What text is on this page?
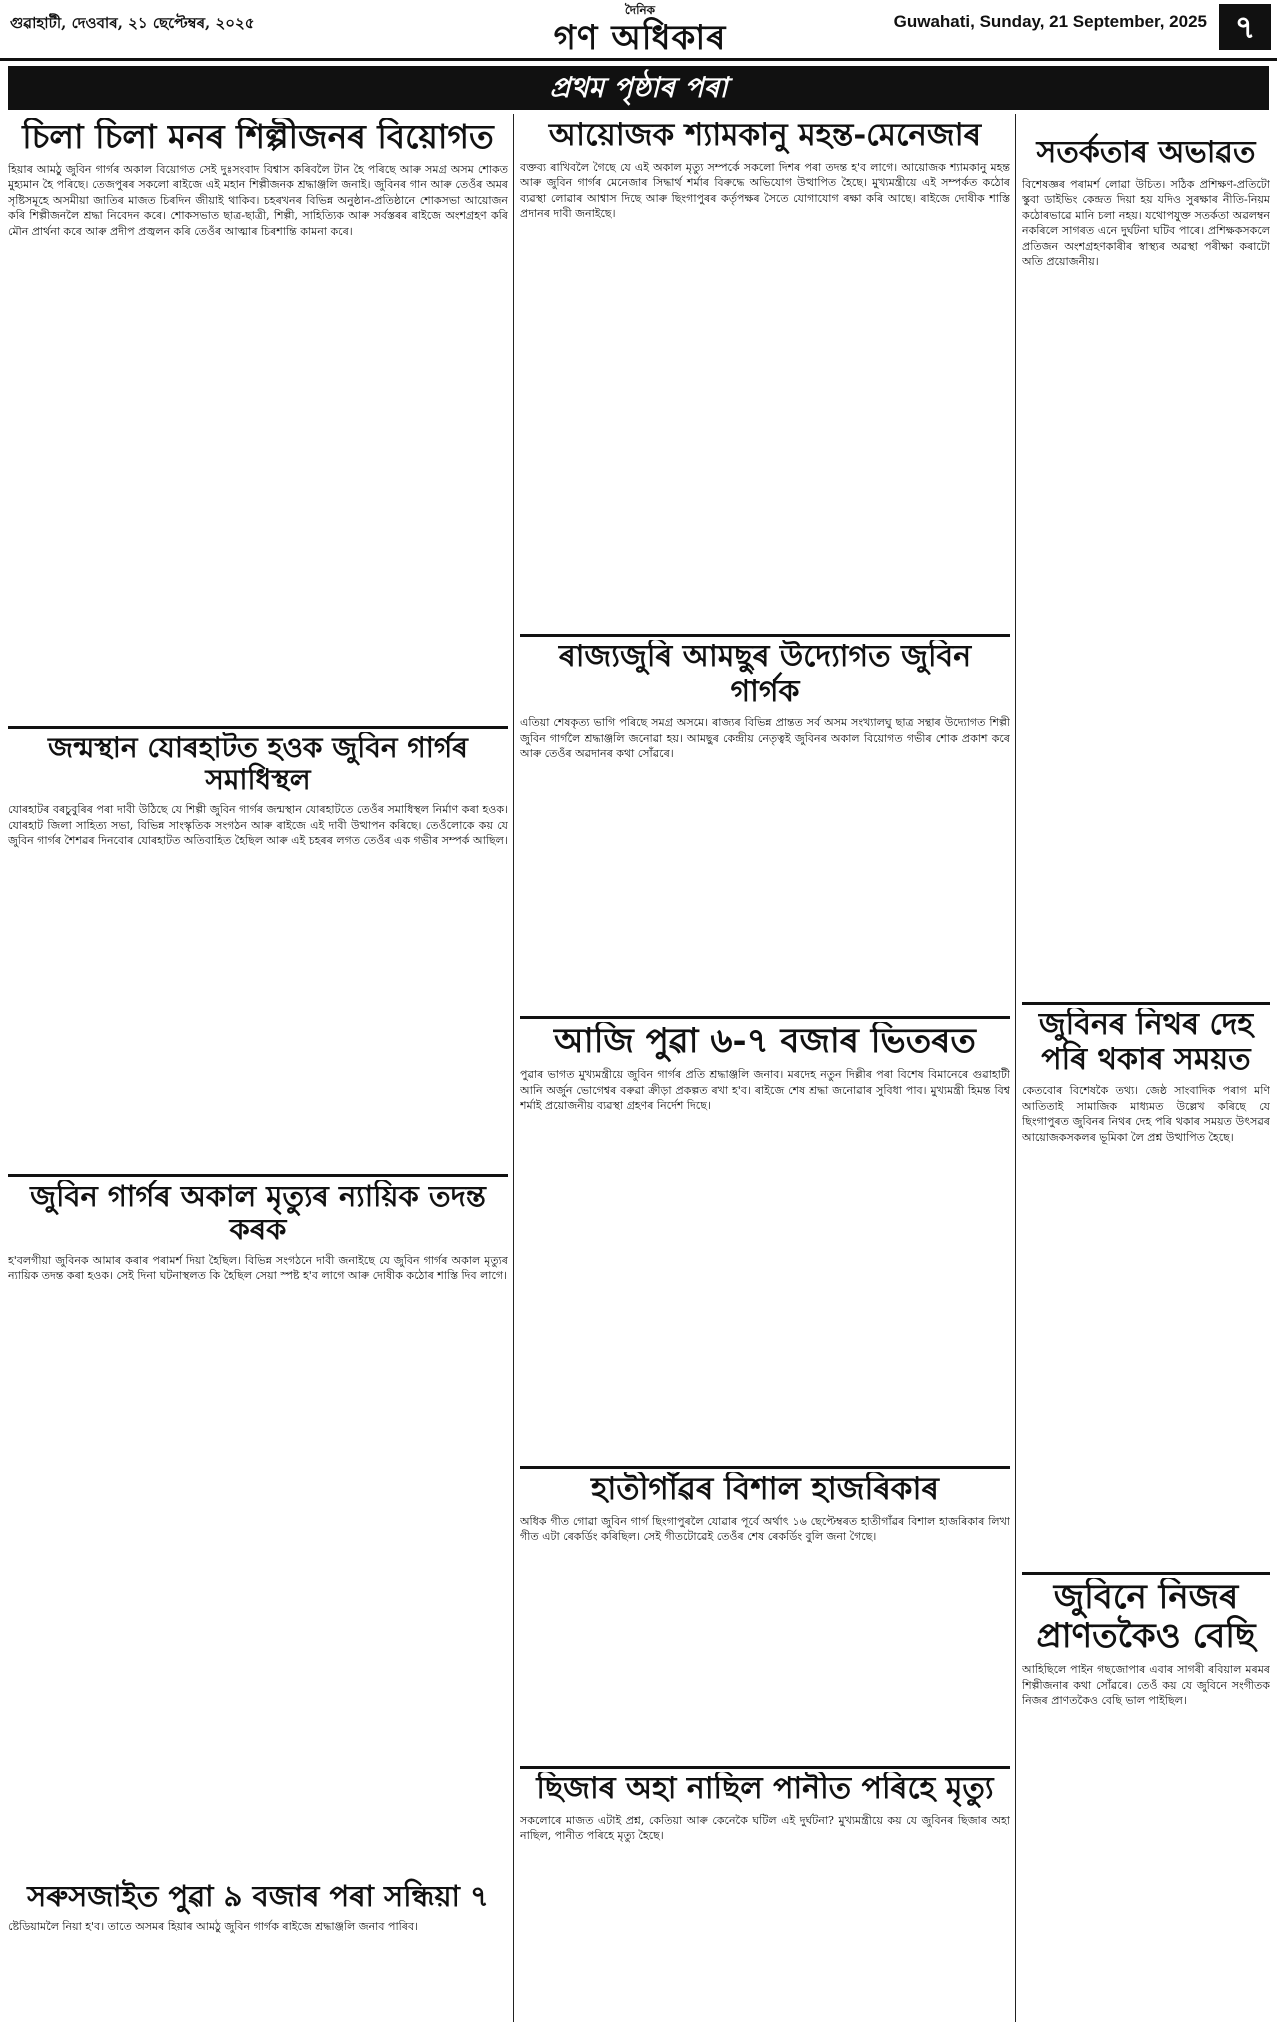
গুৱাহাটী, দেওবাৰ, ২১ ছেপ্টেম্বৰ, ২০২৫
দৈনিক
গণ অধিকাৰ	Guwahati, Sunday, 21 September, 2025 ৭
প্ৰথম পৃষ্ঠাৰ পৰা
চিলা চিলা মনৰ শিল্পীজনৰ বিয়োগত
হিয়াৰ আমঠু জুবিন গাৰ্গৰ অকাল বিয়োগত সেই দুঃসংবাদ বিশ্বাস কৰিবলৈ টান হৈ পৰিছে আৰু সমগ্ৰ অসম শোকত মুহ্যমান হৈ পৰিছে। তেজপুৰৰ সকলো ৰাইজে এই মহান শিল্পীজনক শ্ৰদ্ধাঞ্জলি জনাই। জুবিনৰ গান আৰু তেওঁৰ অমৰ সৃষ্টিসমূহে অসমীয়া জাতিৰ মাজত চিৰদিন জীয়াই থাকিব। চহৰখনৰ বিভিন্ন অনুষ্ঠান-প্ৰতিষ্ঠানে শোকসভা আয়োজন কৰি শিল্পীজনলৈ শ্ৰদ্ধা নিবেদন কৰে। শোকসভাত ছাত্ৰ-ছাত্ৰী, শিল্পী, সাহিত্যিক আৰু সৰ্বস্তৰৰ ৰাইজে অংশগ্ৰহণ কৰি মৌন প্ৰাৰ্থনা কৰে আৰু প্ৰদীপ প্ৰজ্বলন কৰি তেওঁৰ আত্মাৰ চিৰশান্তি কামনা কৰে।
আয়োজক শ্যামকানু মহন্ত-মেনেজাৰ
বক্তব্য ৰাখিবলৈ গৈছে যে এই অকাল মৃত্যু সম্পৰ্কে সকলো দিশৰ পৰা তদন্ত হ'ব লাগে। আয়োজক শ্যামকানু মহন্ত আৰু জুবিন গাৰ্গৰ মেনেজাৰ সিদ্ধাৰ্থ শৰ্মাৰ বিৰুদ্ধে অভিযোগ উত্থাপিত হৈছে। মুখ্যমন্ত্ৰীয়ে এই সম্পৰ্কত কঠোৰ ব্যৱস্থা লোৱাৰ আশ্বাস দিছে আৰু ছিংগাপুৰৰ কৰ্তৃপক্ষৰ সৈতে যোগাযোগ ৰক্ষা কৰি আছে। ৰাইজে দোষীক শাস্তি প্ৰদানৰ দাবী জনাইছে।
সতৰ্কতাৰ অভাৱত
বিশেষজ্ঞৰ পৰামৰ্শ লোৱা উচিত। সঠিক প্ৰশিক্ষণ-প্ৰতিটো স্কুবা ডাইভিং কেন্দ্ৰত দিয়া হয় যদিও সুৰক্ষাৰ নীতি-নিয়ম কঠোৰভাৱে মানি চলা নহয়। যথোপযুক্ত সতৰ্কতা অৱলম্বন নকৰিলে সাগৰত এনে দুৰ্ঘটনা ঘটিব পাৰে। প্ৰশিক্ষকসকলে প্ৰতিজন অংশগ্ৰহণকাৰীৰ স্বাস্থ্যৰ অৱস্থা পৰীক্ষা কৰাটো অতি প্ৰয়োজনীয়।
ৰাজ্যজুৰি আমছুৰ উদ্যোগত জুবিন গাৰ্গক
এতিয়া শেষকৃত্য ভাগি পৰিছে সমগ্ৰ অসমে। ৰাজ্যৰ বিভিন্ন প্ৰান্তত সৰ্ব অসম সংখ্যালঘু ছাত্ৰ সন্থাৰ উদ্যোগত শিল্পী জুবিন গাৰ্গলৈ শ্ৰদ্ধাঞ্জলি জনোৱা হয়। আমছুৰ কেন্দ্ৰীয় নেতৃত্বই জুবিনৰ অকাল বিয়োগত গভীৰ শোক প্ৰকাশ কৰে আৰু তেওঁৰ অৱদানৰ কথা সোঁৱৰে।
জন্মস্থান যোৰহাটত হওক জুবিন গাৰ্গৰ সমাধিস্থল
যোৰহাটৰ বৰচুবুৰিৰ পৰা দাবী উঠিছে যে শিল্পী জুবিন গাৰ্গৰ জন্মস্থান যোৰহাটতে তেওঁৰ সমাধিস্থল নিৰ্মাণ কৰা হওক। যোৰহাট জিলা সাহিত্য সভা, বিভিন্ন সাংস্কৃতিক সংগঠন আৰু ৰাইজে এই দাবী উত্থাপন কৰিছে। তেওঁলোকে কয় যে জুবিন গাৰ্গৰ শৈশৱৰ দিনবোৰ যোৰহাটত অতিবাহিত হৈছিল আৰু এই চহৰৰ লগত তেওঁৰ এক গভীৰ সম্পৰ্ক আছিল।
জুবিনৰ নিথৰ দেহ পৰি থকাৰ সময়ত
কেতবোৰ বিশেষকৈ তথ্য। জেষ্ঠ সাংবাদিক পৰাগ মণি আতিতাই সামাজিক মাধ্যমত উল্লেখ কৰিছে যে ছিংগাপুৰত জুবিনৰ নিথৰ দেহ পৰি থকাৰ সময়ত উৎসৱৰ আয়োজকসকলৰ ভূমিকা লৈ প্ৰশ্ন উত্থাপিত হৈছে।
আজি পুৱা ৬-৭ বজাৰ ভিতৰত
পুৱাৰ ভাগত মুখ্যমন্ত্ৰীয়ে জুবিন গাৰ্গৰ প্ৰতি শ্ৰদ্ধাঞ্জলি জনাব। মৰদেহ নতুন দিল্লীৰ পৰা বিশেষ বিমানেৰে গুৱাহাটী আনি অৰ্জুন ভোগেশ্বৰ বৰুৱা ক্ৰীড়া প্ৰকল্পত ৰখা হ'ব। ৰাইজে শেষ শ্ৰদ্ধা জনোৱাৰ সুবিধা পাব। মুখ্যমন্ত্ৰী হিমন্ত বিশ্ব শৰ্মাই প্ৰয়োজনীয় ব্যৱস্থা গ্ৰহণৰ নিৰ্দেশ দিছে।
জুবিন গাৰ্গৰ অকাল মৃত্যুৰ ন্যায়িক তদন্ত কৰক
হ'বলগীয়া জুবিনক আমাৰ কৰাৰ পৰামৰ্শ দিয়া হৈছিল। বিভিন্ন সংগঠনে দাবী জনাইছে যে জুবিন গাৰ্গৰ অকাল মৃত্যুৰ ন্যায়িক তদন্ত কৰা হওক। সেই দিনা ঘটনাস্থলত কি হৈছিল সেয়া স্পষ্ট হ'ব লাগে আৰু দোষীক কঠোৰ শাস্তি দিব লাগে।
হাতীগাঁৱৰ বিশাল হাজৰিকাৰ
অধিক গীত গোৱা জুবিন গাৰ্গ ছিংগাপুৰলৈ যোৱাৰ পূৰ্বে অৰ্থাৎ ১৬ ছেপ্টেম্বৰত হাতীগাঁৱৰ বিশাল হাজৰিকাৰ লিখা গীত এটা ৰেকৰ্ডিং কৰিছিল। সেই গীতটোৱেই তেওঁৰ শেষ ৰেকৰ্ডিং বুলি জনা গৈছে।
জুবিনে নিজৰ প্ৰাণতকৈও বেছি
আহিছিলে পাইন গছজোপাৰ এবাৰ সাগৰী ৰবিয়াল মৰমৰ শিল্পীজনাৰ কথা সোঁৱৰে। তেওঁ কয় যে জুবিনে সংগীতক নিজৰ প্ৰাণতকৈও বেছি ভাল পাইছিল।
সৰুসজাইত পুৱা ৯ বজাৰ পৰা সন্ধিয়া ৭
ষ্টেডিয়ামলৈ নিয়া হ'ব। তাতে অসমৰ হিয়াৰ আমঠু জুবিন গাৰ্গক ৰাইজে শ্ৰদ্ধাঞ্জলি জনাব পাৰিব।
ছিজাৰ অহা নাছিল পানীত পৰিহে মৃত্যু
সকলোৰে মাজত এটাই প্ৰশ্ন, কেতিয়া আৰু কেনেকৈ ঘটিল এই দুৰ্ঘটনা? মুখ্যমন্ত্ৰীয়ে কয় যে জুবিনৰ ছিজাৰ অহা নাছিল, পানীত পৰিহে মৃত্যু হৈছে।
